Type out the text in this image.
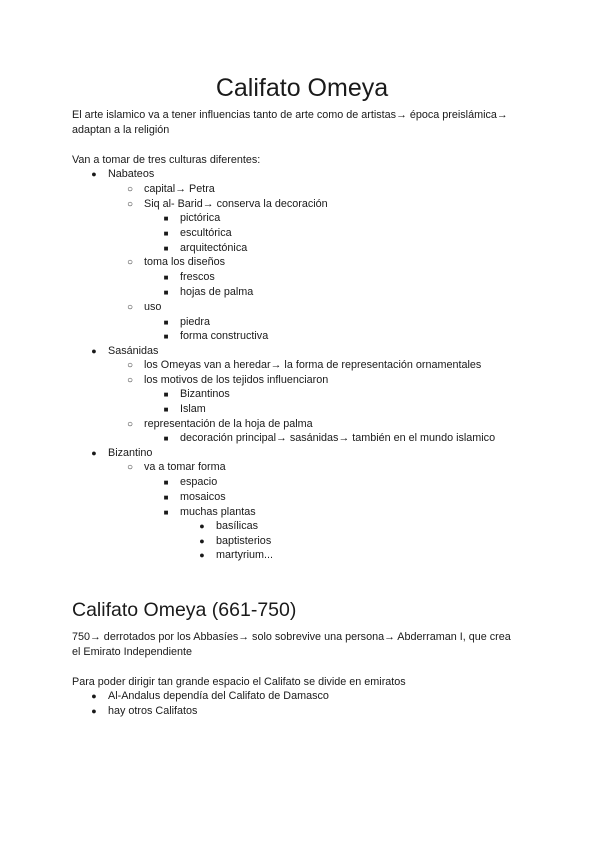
Califato Omeya

El arte islamico va a tener influencias tanto de arte como de artistas→ época preislámica→

adaptan a la religión

Van a tomar de tres culturas diferentes:

●	Nabateos
○ capital→ Petra
○ Siq al- Barid→ conserva la decoración
■	pictórica
■	escultórica
■	arquitectónica
○ toma los diseños
■	frescos
■	hojas de palma
○ uso
■	piedra
■	forma constructiva
●	Sasánidas
○ los Omeyas van a heredar→ la forma de representación ornamentales
○ los motivos de los tejidos influenciaron
■	Bizantinos
■	Islam
○ representación de la hoja de palma
■	decoración principal→ sasánidas→ también en el mundo islamico
●	Bizantino
○ va a tomar forma
■	espacio
■	mosaicos
■	muchas plantas
●	basílicas
●	baptisterios
●	martyrium...
Califato Omeya (661-750)

750→ derrotados por los Abbasíes→ solo sobrevive una persona→ Abderraman I, que crea

el Emirato Independiente

Para poder dirigir tan grande espacio el Califato se divide en emiratos

●	Al-Andalus dependía del Califato de Damasco
●	hay otros Califatos
